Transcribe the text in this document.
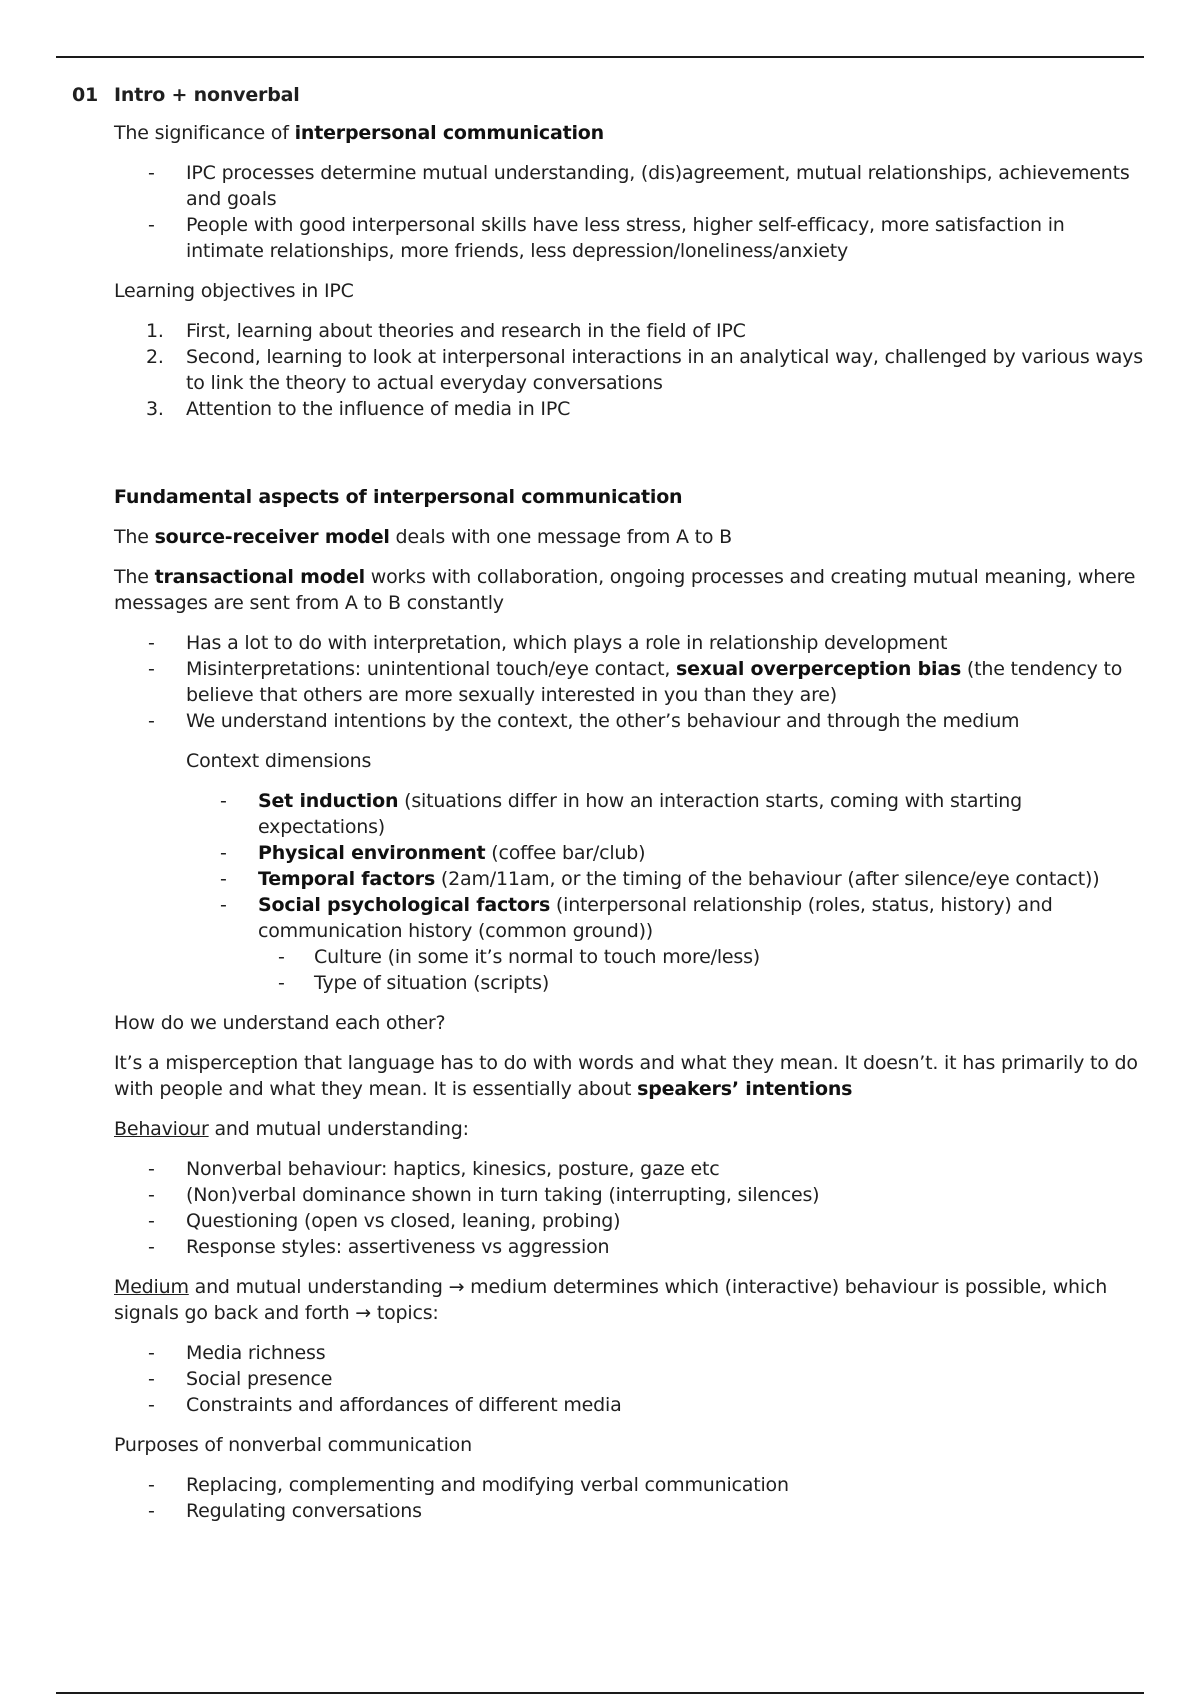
01 Intro + nonverbal

The significance of interpersonal communication

- IPC processes determine mutual understanding, (dis)agreement, mutual relationships, achievements and goals
- People with good interpersonal skills have less stress, higher self-efficacy, more satisfaction in intimate relationships, more friends, less depression/loneliness/anxiety

Learning objectives in IPC

1. First, learning about theories and research in the field of IPC
2. Second, learning to look at interpersonal interactions in an analytical way, challenged by various ways to link the theory to actual everyday conversations
3. Attention to the influence of media in IPC

Fundamental aspects of interpersonal communication

The source-receiver model deals with one message from A to B

The transactional model works with collaboration, ongoing processes and creating mutual meaning, where messages are sent from A to B constantly

- Has a lot to do with interpretation, which plays a role in relationship development
- Misinterpretations: unintentional touch/eye contact, sexual overperception bias (the tendency to believe that others are more sexually interested in you than they are)
- We understand intentions by the context, the other’s behaviour and through the medium

Context dimensions

- Set induction (situations differ in how an interaction starts, coming with starting expectations)
- Physical environment (coffee bar/club)
- Temporal factors (2am/11am, or the timing of the behaviour (after silence/eye contact))
- Social psychological factors (interpersonal relationship (roles, status, history) and communication history (common ground))
- Culture (in some it’s normal to touch more/less)
- Type of situation (scripts)

How do we understand each other?

It’s a misperception that language has to do with words and what they mean. It doesn’t. it has primarily to do with people and what they mean. It is essentially about speakers’ intentions

Behaviour and mutual understanding:

- Nonverbal behaviour: haptics, kinesics, posture, gaze etc
- (Non)verbal dominance shown in turn taking (interrupting, silences)
- Questioning (open vs closed, leaning, probing)
- Response styles: assertiveness vs aggression

Medium and mutual understanding → medium determines which (interactive) behaviour is possible, which signals go back and forth → topics:

- Media richness
- Social presence
- Constraints and affordances of different media

Purposes of nonverbal communication

- Replacing, complementing and modifying verbal communication
- Regulating conversations
